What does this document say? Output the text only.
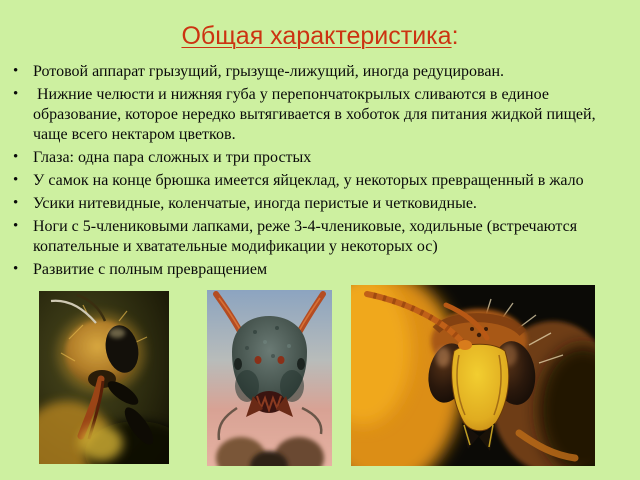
Общая характеристика:
• Ротовой аппарат грызущий, грызуще-лижущий, иногда редуцирован.
• Нижние челюсти и нижняя губа у перепончатокрылых сливаются в единое образование, которое нередко вытягивается в хоботок для питания жидкой пищей, чаще всего нектаром цветков.
• Глаза: одна пара сложных и три простых
• У самок на конце брюшка имеется яйцеклад, у некоторых превращенный в жало
• Усики нитевидные, коленчатые, иногда перистые и четковидные.
• Ноги с 5-члениковыми лапками, реже 3-4-члениковые, ходильные (встречаются копательные и хватательные модификации у некоторых ос)
• Развитие с полным превращением
